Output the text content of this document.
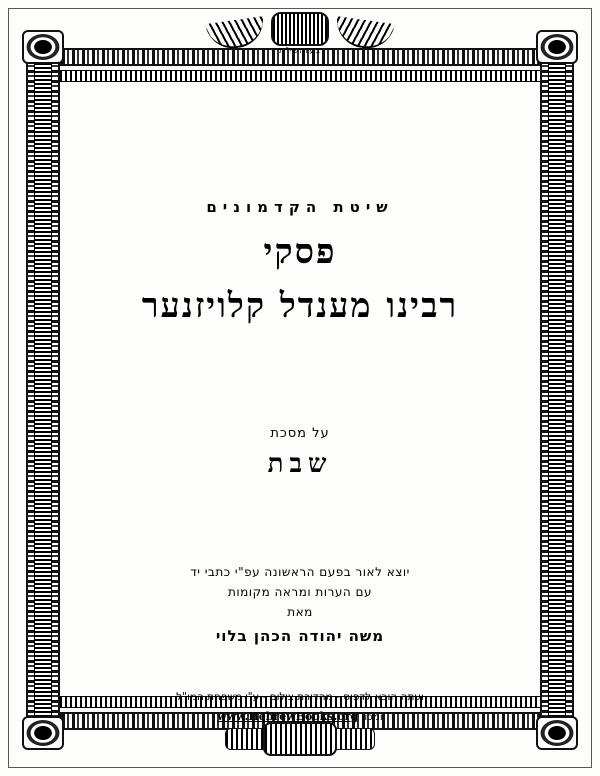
בעזהשי"ת
שיטת הקדמונים
פסקי
רבינו מענדל קלויזנער
על מסכת
שבת
יוצא לאור בפעם הראשונה עפ"י כתבי יד
עם הערות ומראה מקומות
מאת
משה יהודה הכהן בלוי
ועתה הובא לדפוס - מהדורת צילום - ע"י משפחת המו"ל
ומכון www.HebrewBooks.org
